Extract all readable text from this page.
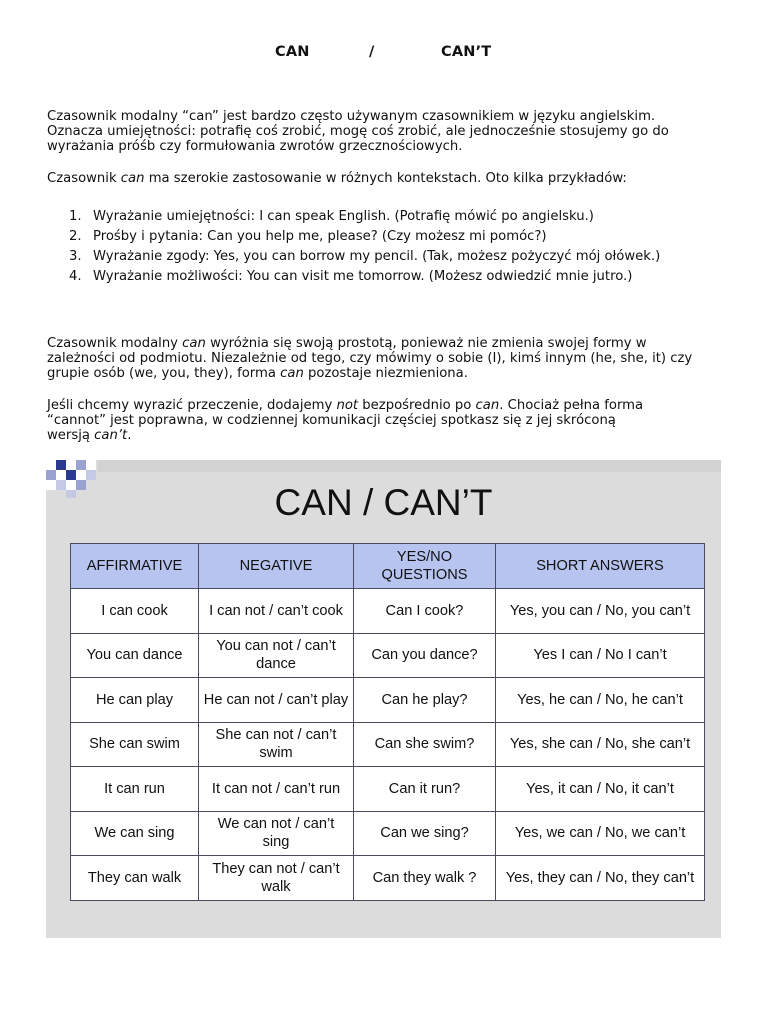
CAN	/	CAN’T
Czasownik modalny “can” jest bardzo często używanym czasownikiem w języku angielskim.
Oznacza umiejętności: potrafię coś zrobić, mogę coś zrobić, ale jednocześnie stosujemy go do
wyrażania próśb czy formułowania zwrotów grzecznościowych.
Czasownik can ma szerokie zastosowanie w różnych kontekstach. Oto kilka przykładów:
1. Wyrażanie umiejętności: I can speak English. (Potrafię mówić po angielsku.)
2. Prośby i pytania: Can you help me, please? (Czy możesz mi pomóc?)
3. Wyrażanie zgody: Yes, you can borrow my pencil. (Tak, możesz pożyczyć mój ołówek.)
4. Wyrażanie możliwości: You can visit me tomorrow. (Możesz odwiedzić mnie jutro.)
Czasownik modalny can wyróżnia się swoją prostotą, ponieważ nie zmienia swojej formy w
zależności od podmiotu. Niezależnie od tego, czy mówimy o sobie (I), kimś innym (he, she, it) czy
grupie osób (we, you, they), forma can pozostaje niezmieniona.
Jeśli chcemy wyrazić przeczenie, dodajemy not bezpośrednio po can. Chociaż pełna forma
“cannot” jest poprawna, w codziennej komunikacji częściej spotkasz się z jej skróconą
wersją can’t.
CAN / CAN’T
AFFIRMATIVE	NEGATIVE	YES/NO QUESTIONS	SHORT ANSWERS
I can cook	I can not / can’t cook	Can I cook?	Yes, you can / No, you can’t
You can dance	You can not / can’t dance	Can you dance?	Yes I can / No I can’t
He can play	He can not / can’t play	Can he play?	Yes, he can / No, he can’t
She can swim	She can not / can’t swim	Can she swim?	Yes, she can / No, she can’t
It can run	It can not / can’t run	Can it run?	Yes, it can / No, it can’t
We can sing	We can not / can’t sing	Can we sing?	Yes, we can / No, we can’t
They can walk	They can not / can’t walk	Can they walk ?	Yes, they can / No, they can’t
